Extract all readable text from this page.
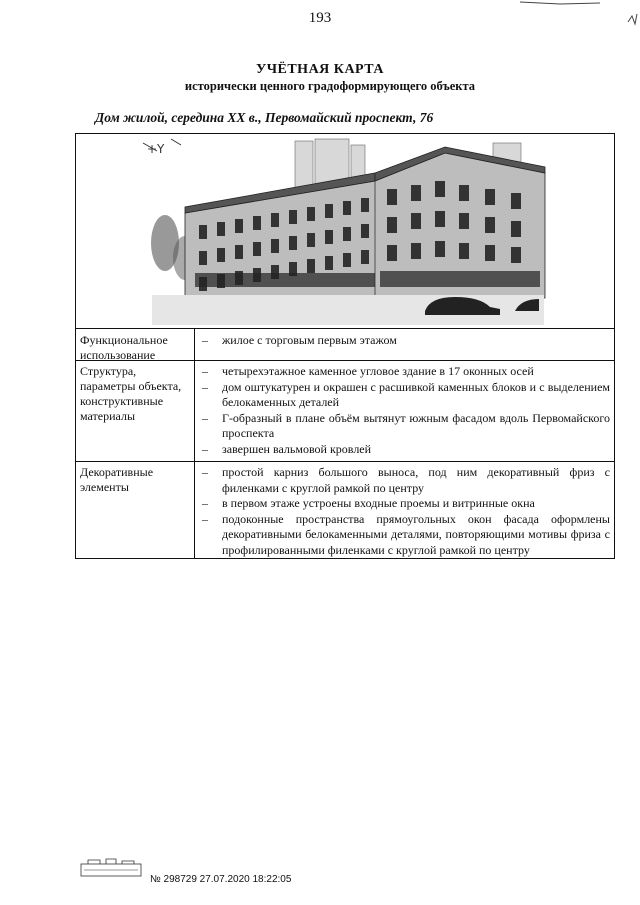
193
УЧЁТНАЯ КАРТА
исторически ценного градоформирующего объекта
Дом жилой, середина XX в., Первомайский проспект, 76
+Y
Функциональное использование
– жилое с торговым первым этажом
Структура, параметры объекта, конструктивные материалы
– четырехэтажное каменное угловое здание в 17 оконных осей
– дом оштукатурен и окрашен с расшивкой каменных блоков и с выделением белокаменных деталей
– Г-образный в плане объём вытянут южным фасадом вдоль Первомайского проспекта
– завершен вальмовой кровлей
Декоративные элементы
– простой карниз большого выноса, под ним декоративный фриз с филенками с круглой рамкой по центру
– в первом этаже устроены входные проемы и витринные окна
– подоконные пространства прямоугольных окон фасада оформлены декоративными белокаменными деталями, повторяющими мотивы фриза с профилированными филенками с круглой рамкой по центру
№ 298729 27.07.2020 18:22:05
